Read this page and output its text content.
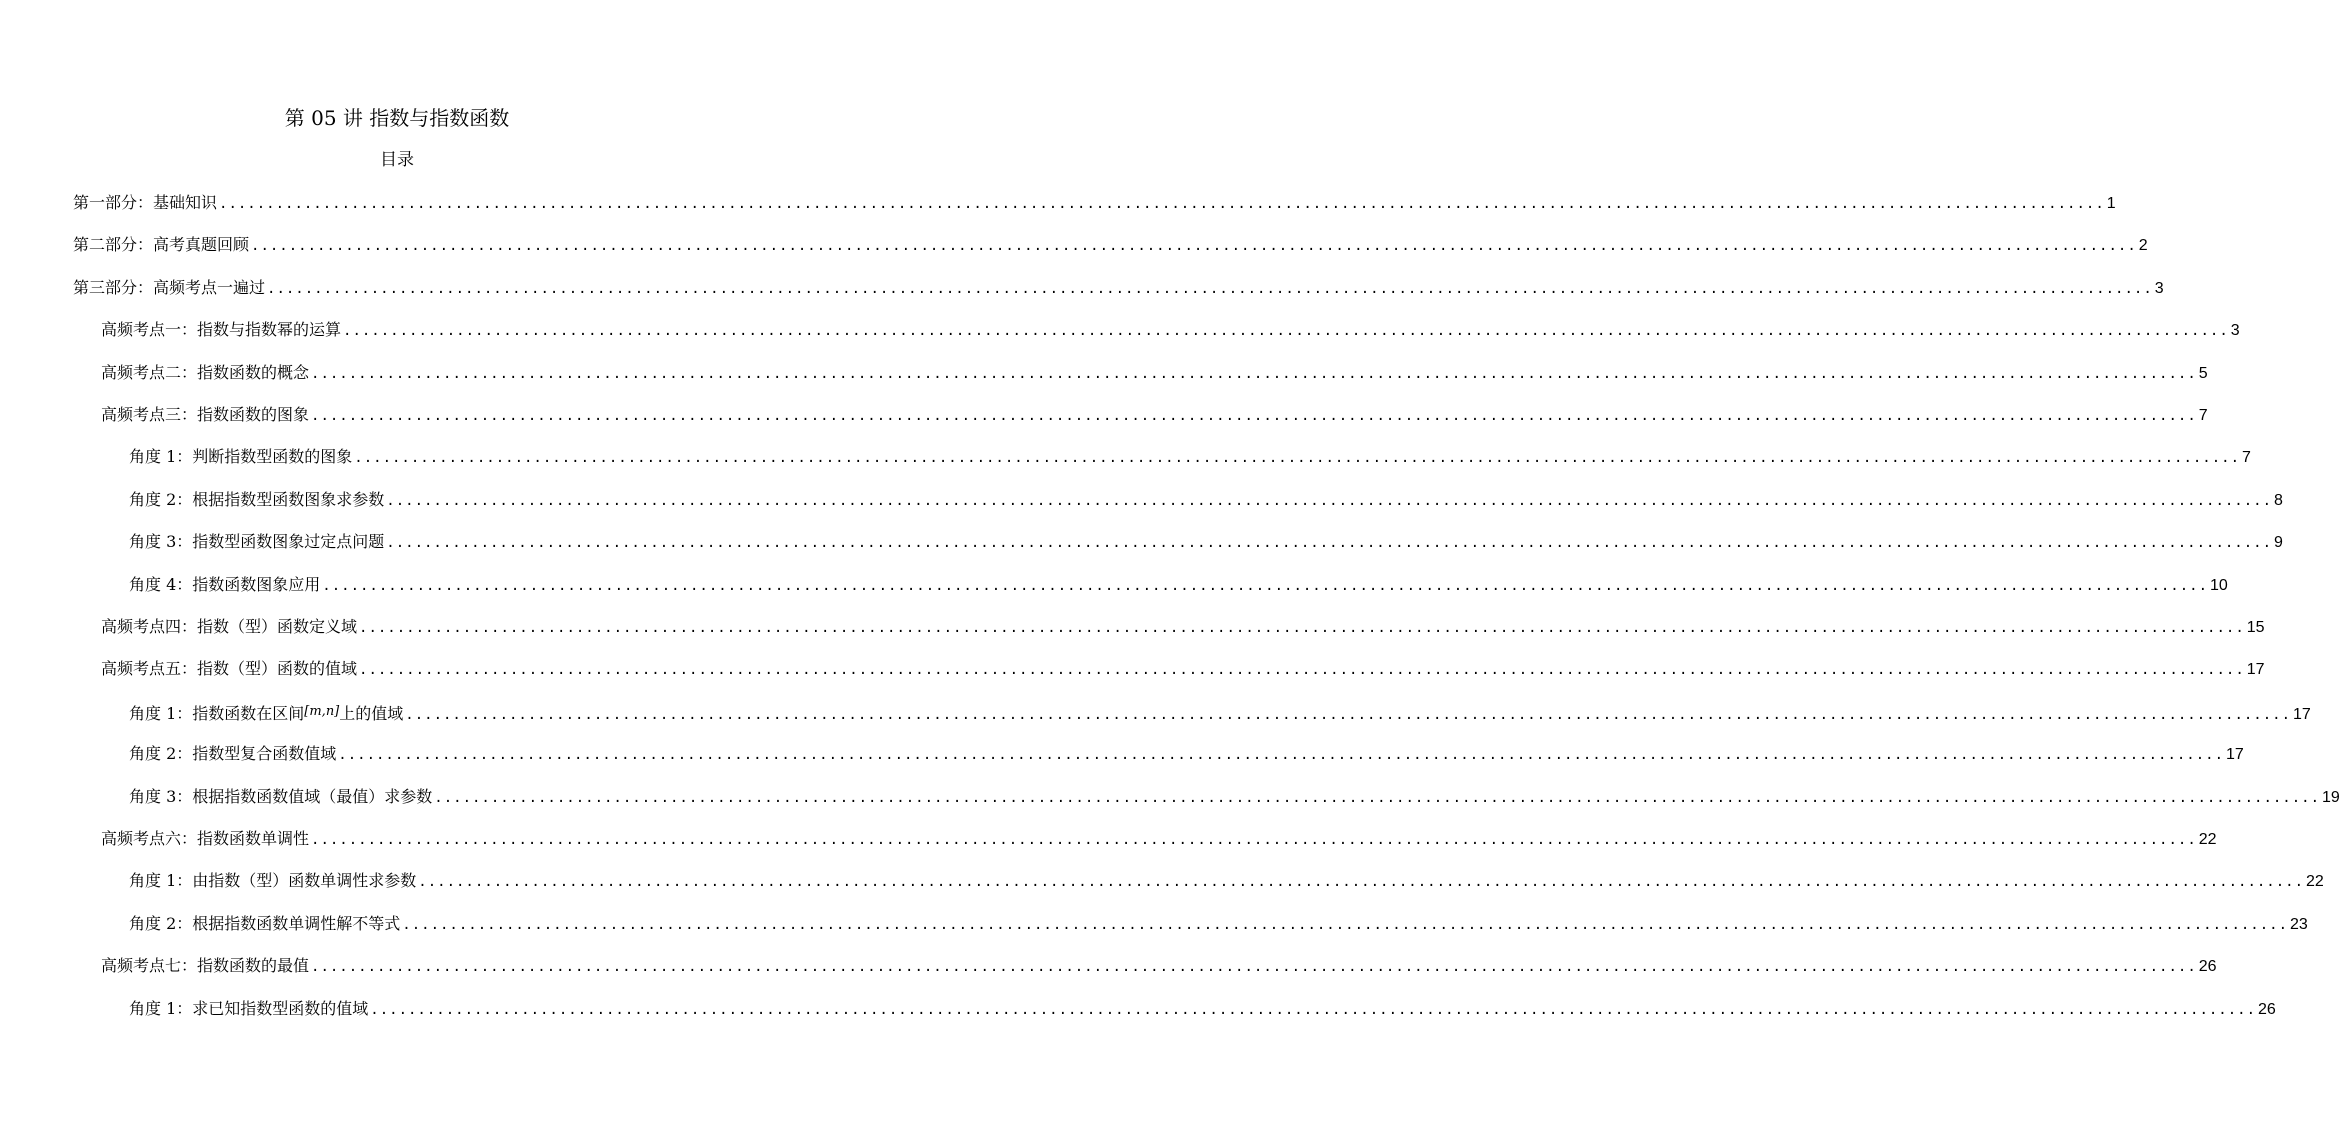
第 05 讲 指数与指数函数
目录
第一部分：基础知识 ........................................................................................................................................................................................................ 1
第二部分：高考真题回顾 ........................................................................................................................................................................................................ 2
第三部分：高频考点一遍过 ........................................................................................................................................................................................................ 3
高频考点一：指数与指数幂的运算 ........................................................................................................................................................................................................ 3
高频考点二：指数函数的概念 ........................................................................................................................................................................................................ 5
高频考点三：指数函数的图象 ........................................................................................................................................................................................................ 7
角度 1：判断指数型函数的图象 ........................................................................................................................................................................................................ 7
角度 2：根据指数型函数图象求参数 ........................................................................................................................................................................................................ 8
角度 3：指数型函数图象过定点问题 ........................................................................................................................................................................................................ 9
角度 4：指数函数图象应用 ........................................................................................................................................................................................................ 10
高频考点四：指数（型）函数定义域 ........................................................................................................................................................................................................ 15
高频考点五：指数（型）函数的值域 ........................................................................................................................................................................................................ 17
角度 1：指数函数在区间[m,n]上的值域 ........................................................................................................................................................................................................ 17
角度 2：指数型复合函数值域 ........................................................................................................................................................................................................ 17
角度 3：根据指数函数值域（最值）求参数 ........................................................................................................................................................................................................ 19
高频考点六：指数函数单调性 ........................................................................................................................................................................................................ 22
角度 1：由指数（型）函数单调性求参数 ........................................................................................................................................................................................................ 22
角度 2：根据指数函数单调性解不等式 ........................................................................................................................................................................................................ 23
高频考点七：指数函数的最值 ........................................................................................................................................................................................................ 26
角度 1：求已知指数型函数的值域 ........................................................................................................................................................................................................ 26
